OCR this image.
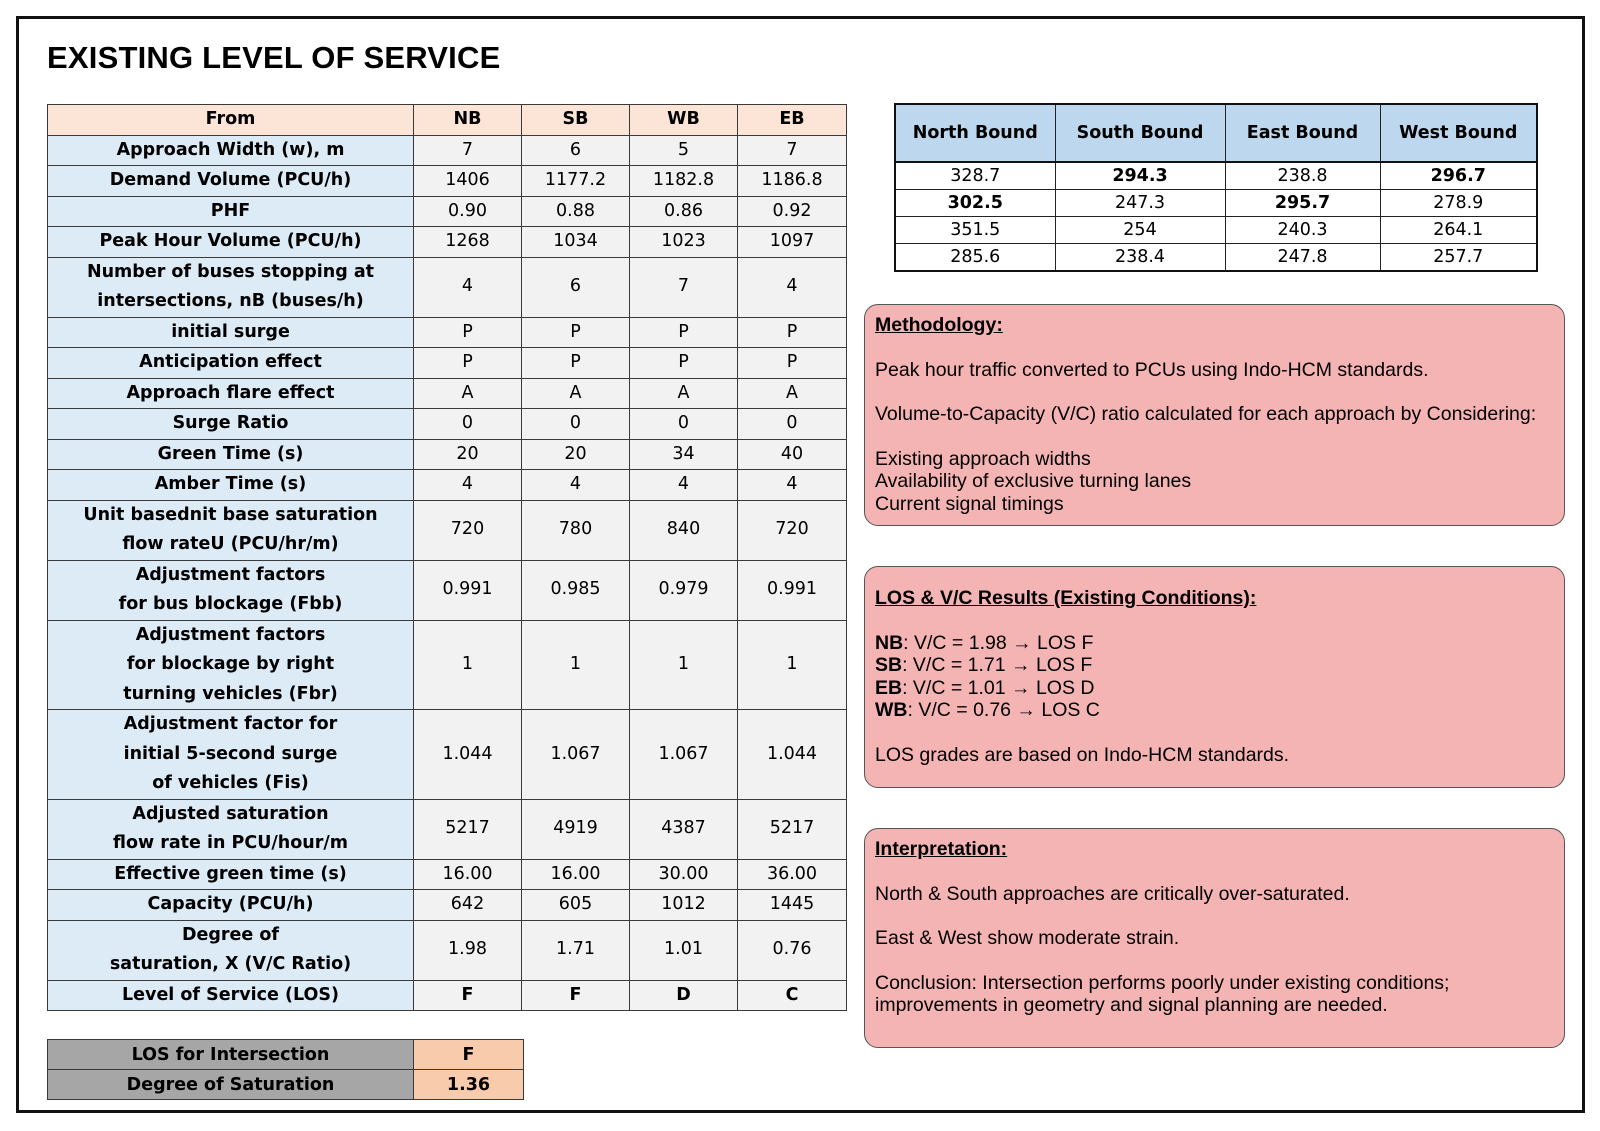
EXISTING LEVEL OF SERVICE
From	NB	SB	WB	EB

Approach Width (w), m	7	6	5	7

Demand Volume (PCU/h)	1406	1177.2	1182.8	1186.8

PHF	0.90	0.88	0.86	0.92

Peak Hour Volume (PCU/h)	1268	1034	1023	1097

Number of buses stopping at
intersections, nB (buses/h)	4	6	7	4

initial surge	P	P	P	P

Anticipation effect	P	P	P	P

Approach flare effect	A	A	A	A

Surge Ratio	0	0	0	0

Green Time (s)	20	20	34	40

Amber Time (s)	4	4	4	4

Unit basednit base saturation
flow rateU (PCU/hr/m)	720	780	840	720

Adjustment factors
for bus blockage (Fbb)	0.991	0.985	0.979	0.991

Adjustment factors
for blockage by right
turning vehicles (Fbr)	1	1	1	1

Adjustment factor for
initial 5-second surge
of vehicles (Fis)	1.044	1.067	1.067	1.044

Adjusted saturation
flow rate in PCU/hour/m	5217	4919	4387	5217

Effective green time (s)	16.00	16.00	30.00	36.00

Capacity (PCU/h)	642	605	1012	1445

Degree of
saturation, X (V/C Ratio)	1.98	1.71	1.01	0.76

Level of Service (LOS)	F	F	D	C
LOS for Intersection	F
Degree of Saturation	1.36
North Bound	South Bound	East Bound	West Bound
328.7	294.3	238.8	296.7
302.5	247.3	295.7	278.9
351.5	254	240.3	264.1
285.6	238.4	247.8	257.7
Methodology:

Peak hour traffic converted to PCUs using Indo-HCM standards.

Volume-to-Capacity (V/C) ratio calculated for each approach by Considering:

Existing approach widths

Availability of exclusive turning lanes

Current signal timings

LOS & V/C Results (Existing Conditions):

NB: V/C = 1.98 → LOS F

SB: V/C = 1.71 → LOS F

EB: V/C = 1.01 → LOS D

WB: V/C = 0.76 → LOS C

LOS grades are based on Indo-HCM standards.

Interpretation:

North & South approaches are critically over-saturated.

East & West show moderate strain.

Conclusion: Intersection performs poorly under existing conditions; improvements in geometry and signal planning are needed.
